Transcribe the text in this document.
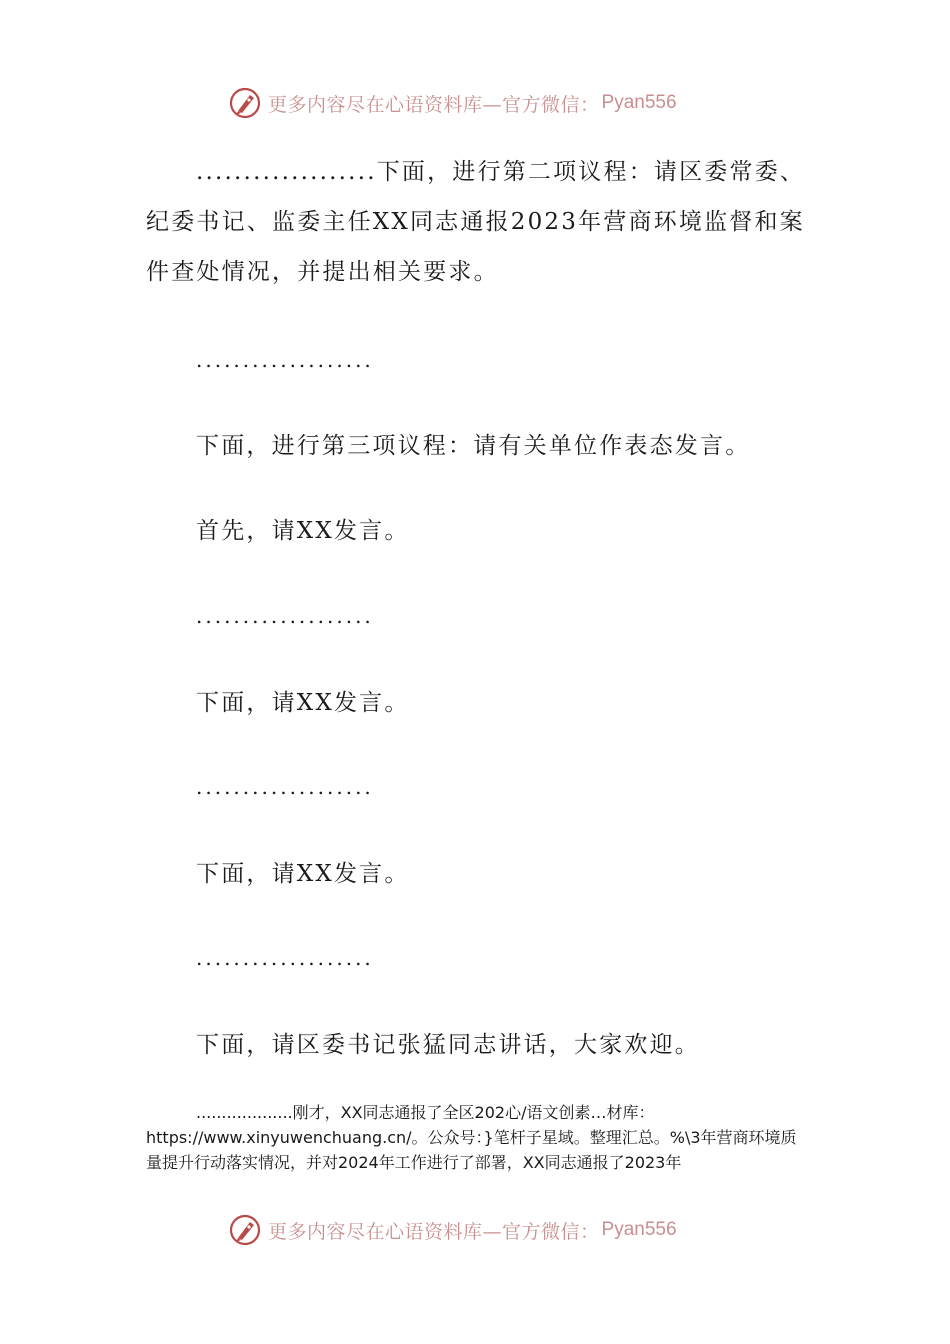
更多内容尽在心语资料库—官方微信： Pyan556

...................下面，进行第二项议程：请区委常委、纪委书记、监委主任XX同志通报2023年营商环境监督和案件查处情况，并提出相关要求。

...................

下面，进行第三项议程：请有关单位作表态发言。

首先，请XX发言。

...................

下面，请XX发言。

...................

下面，请XX发言。

...................

下面，请区委书记张猛同志讲话，大家欢迎。

...................刚才，XX同志通报了全区202心/语文创素…材库：https://www.xinyuwenchuang.cn/。公众号：}笔杆子星域。整理汇总。%\3年营商环境质量提升行动落实情况，并对2024年工作进行了部署，XX同志通报了2023年

更多内容尽在心语资料库—官方微信： Pyan556
